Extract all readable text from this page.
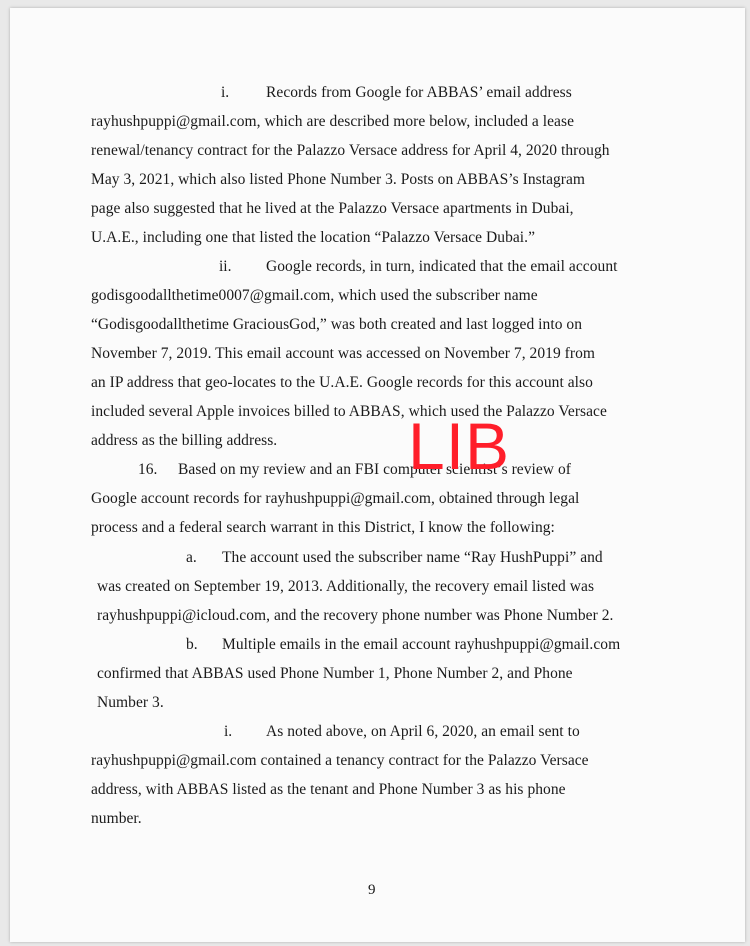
i. Records from Google for ABBAS’ email address
rayhushpuppi@gmail.com, which are described more below, included a lease
renewal/tenancy contract for the Palazzo Versace address for April 4, 2020 through
May 3, 2021, which also listed Phone Number 3. Posts on ABBAS’s Instagram
page also suggested that he lived at the Palazzo Versace apartments in Dubai,
U.A.E., including one that listed the location “Palazzo Versace Dubai.”
ii. Google records, in turn, indicated that the email account
godisgoodallthetime0007@gmail.com, which used the subscriber name
“Godisgoodallthetime GraciousGod,” was both created and last logged into on
November 7, 2019. This email account was accessed on November 7, 2019 from
an IP address that geo-locates to the U.A.E. Google records for this account also
included several Apple invoices billed to ABBAS, which used the Palazzo Versace
address as the billing address.
16. Based on my review and an FBI computer scientist’s review of
Google account records for rayhushpuppi@gmail.com, obtained through legal
process and a federal search warrant in this District, I know the following:
a. The account used the subscriber name “Ray HushPuppi” and
was created on September 19, 2013. Additionally, the recovery email listed was
rayhushpuppi@icloud.com, and the recovery phone number was Phone Number 2.
b. Multiple emails in the email account rayhushpuppi@gmail.com
confirmed that ABBAS used Phone Number 1, Phone Number 2, and Phone
Number 3.
i. As noted above, on April 6, 2020, an email sent to
rayhushpuppi@gmail.com contained a tenancy contract for the Palazzo Versace
address, with ABBAS listed as the tenant and Phone Number 3 as his phone
number.
9
LIB
